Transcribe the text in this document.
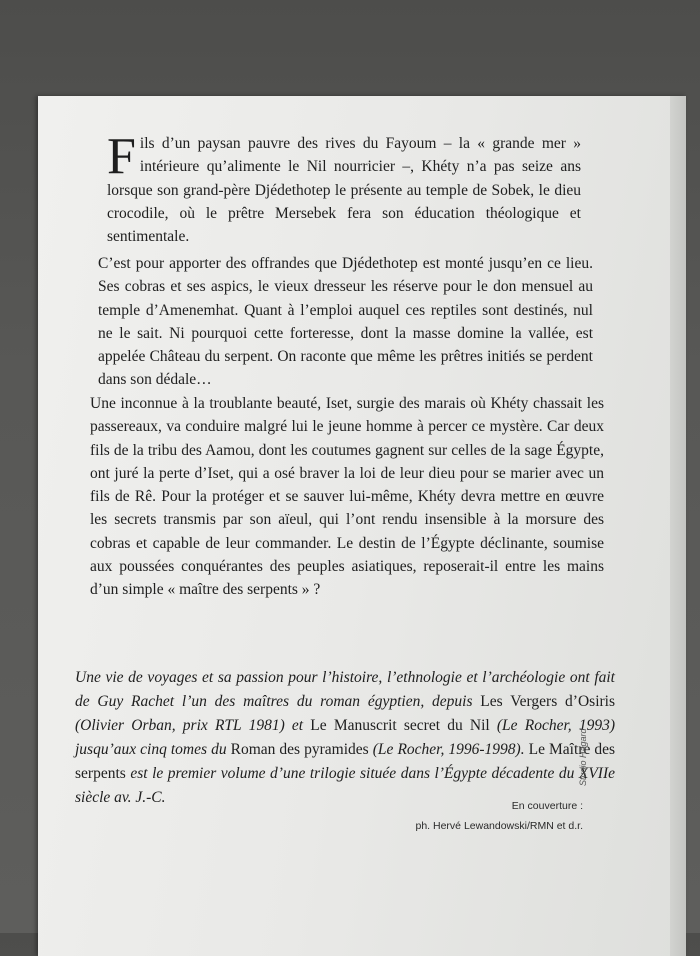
Fils d’un paysan pauvre des rives du Fayoum – la « grande mer » intérieure qu’alimente le Nil nourricier –, Khéty n’a pas seize ans lorsque son grand-père Djédethotep le présente au temple de Sobek, le dieu crocodile, où le prêtre Mersebek fera son éducation théologique et sentimentale.

C’est pour apporter des offrandes que Djédethotep est monté jusqu’en ce lieu. Ses cobras et ses aspics, le vieux dresseur les réserve pour le don mensuel au temple d’Amenemhat. Quant à l’emploi auquel ces reptiles sont destinés, nul ne le sait. Ni pourquoi cette forteresse, dont la masse domine la vallée, est appelée Château du serpent. On raconte que même les prêtres initiés se perdent dans son dédale…

Une inconnue à la troublante beauté, Iset, surgie des marais où Khéty chassait les passereaux, va conduire malgré lui le jeune homme à percer ce mystère. Car deux fils de la tribu des Aamou, dont les coutumes gagnent sur celles de la sage Égypte, ont juré la perte d’Iset, qui a osé braver la loi de leur dieu pour se marier avec un fils de Rê. Pour la protéger et se sauver lui-même, Khéty devra mettre en œuvre les secrets transmis par son aïeul, qui l’ont rendu insensible à la morsure des cobras et capable de leur commander. Le destin de l’Égypte déclinante, soumise aux poussées conquérantes des peuples asiatiques, reposerait-il entre les mains d’un simple « maître des serpents » ?

Une vie de voyages et sa passion pour l’histoire, l’ethnologie et l’archéologie ont fait de Guy Rachet l’un des maîtres du roman égyptien, depuis Les Vergers d’Osiris (Olivier Orban, prix RTL 1981) et Le Manuscrit secret du Nil (Le Rocher, 1993) jusqu’aux cinq tomes du Roman des pyramides (Le Rocher, 1996-1998). Le Maître des serpents est le premier volume d’une trilogie située dans l’Égypte décadente du XVIIe siècle av. J.-C.	En couverture :
ph. Hervé Lewandowski/RMN et d.r.
Studio Hagard
